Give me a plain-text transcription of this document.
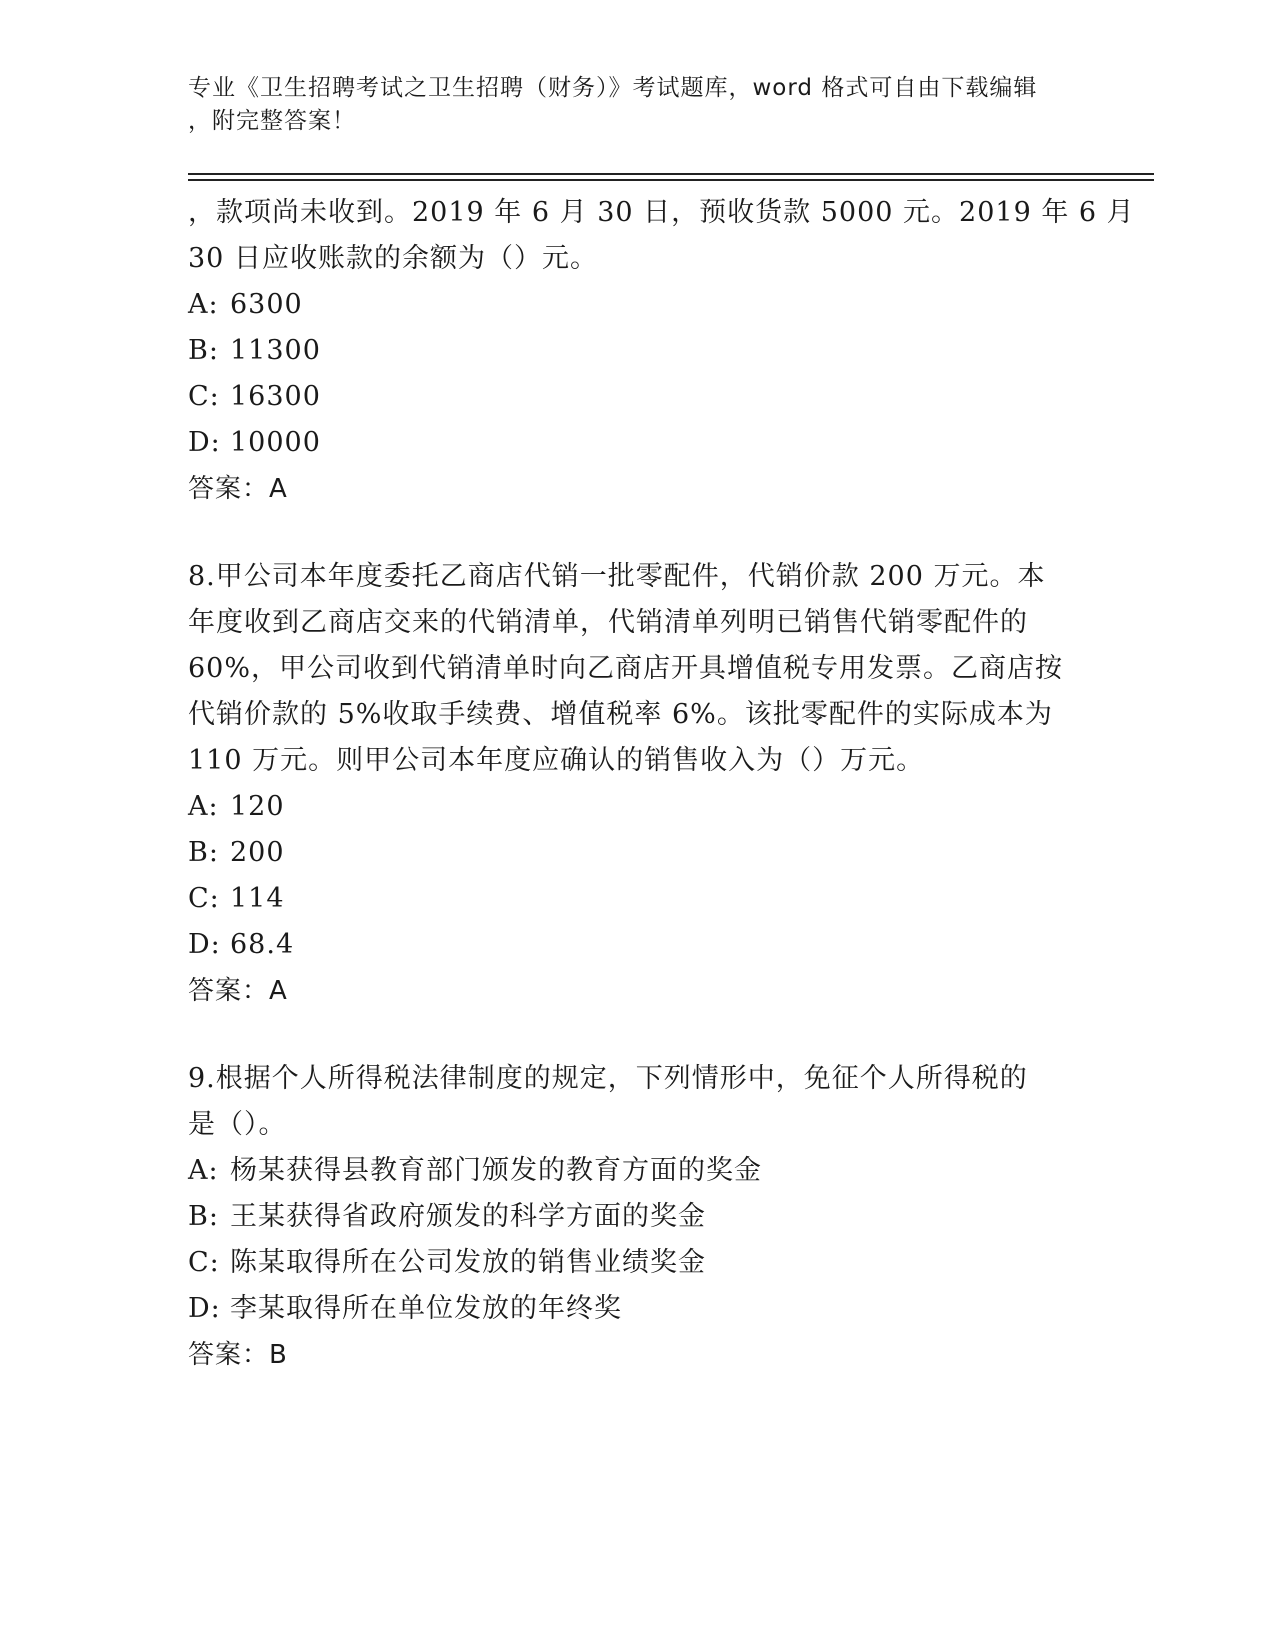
专业《卫生招聘考试之卫生招聘（财务）》考试题库，word 格式可自由下载编辑
，附完整答案！
，款项尚未收到。2019 年 6 月 30 日，预收货款 5000 元。2019 年 6 月
30 日应收账款的余额为（）元。
A: 6300
B: 11300
C: 16300
D: 10000
答案：A
8.甲公司本年度委托乙商店代销一批零配件，代销价款 200 万元。本
年度收到乙商店交来的代销清单，代销清单列明已销售代销零配件的
60%，甲公司收到代销清单时向乙商店开具增值税专用发票。乙商店按
代销价款的 5%收取手续费、增值税率 6%。该批零配件的实际成本为
110 万元。则甲公司本年度应确认的销售收入为（）万元。
A: 120
B: 200
C: 114
D: 68.4
答案：A
9.根据个人所得税法律制度的规定，下列情形中，免征个人所得税的
是（）。
A: 杨某获得县教育部门颁发的教育方面的奖金
B: 王某获得省政府颁发的科学方面的奖金
C: 陈某取得所在公司发放的销售业绩奖金
D: 李某取得所在单位发放的年终奖
答案：B
